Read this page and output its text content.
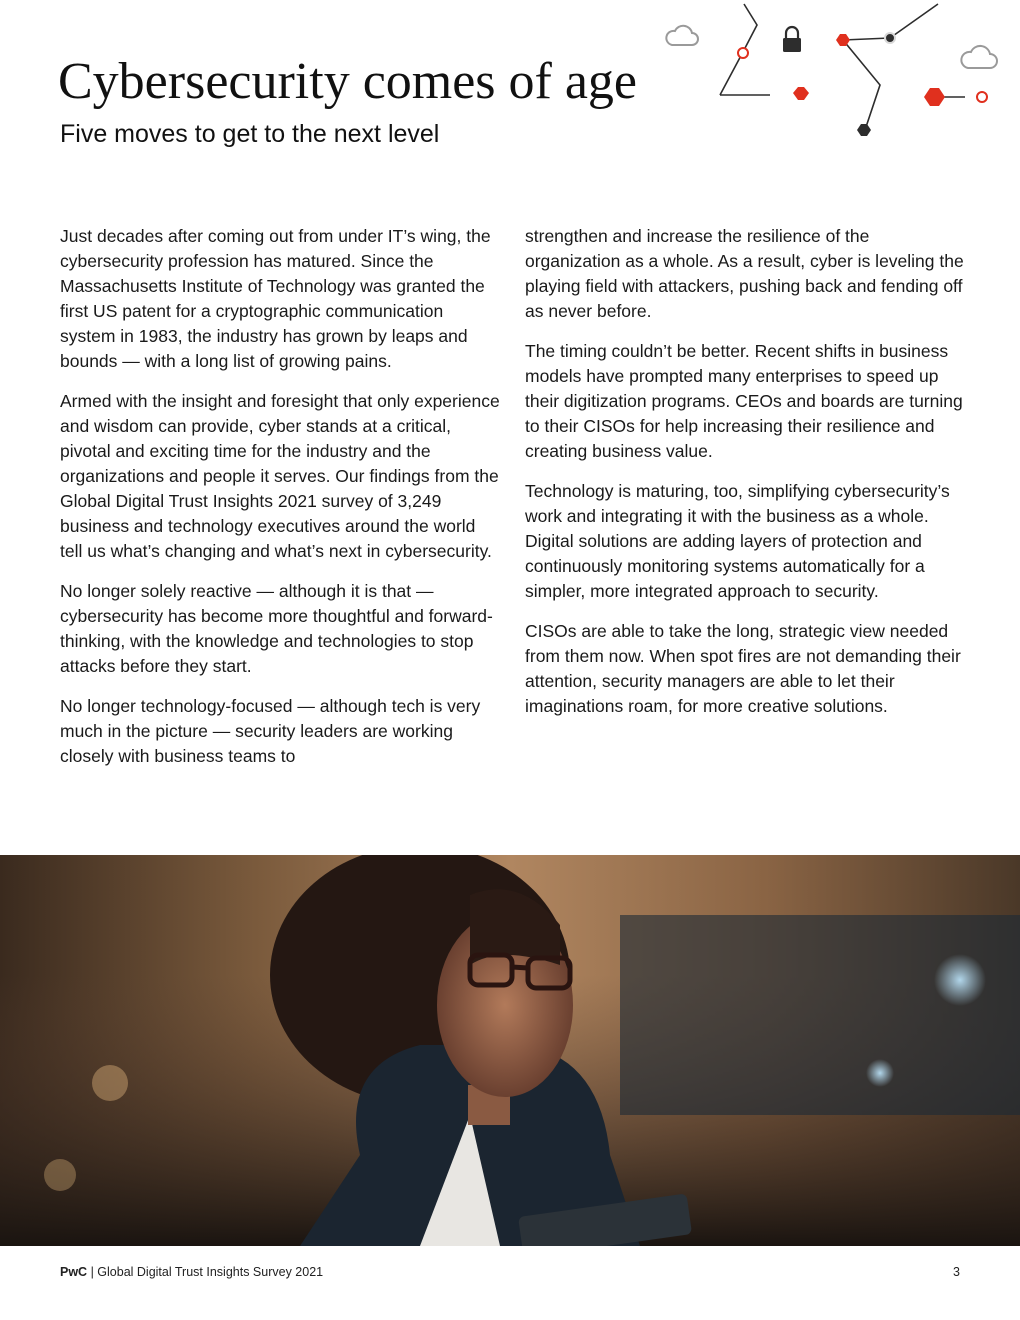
Cybersecurity comes of age
Five moves to get to the next level

Just decades after coming out from under IT’s wing, the cybersecurity profession has matured. Since the Massachusetts Institute of Technology was granted the first US patent for a cryptographic communication system in 1983, the industry has grown by leaps and bounds — with a long list of growing pains.

Armed with the insight and foresight that only experience and wisdom can provide, cyber stands at a critical, pivotal and exciting time for the industry and the organizations and people it serves. Our findings from the Global Digital Trust Insights 2021 survey of 3,249 business and technology executives around the world tell us what’s changing and what’s next in cybersecurity.

No longer solely reactive — although it is that — cybersecurity has become more thoughtful and forward-thinking, with the knowledge and technologies to stop attacks before they start.

No longer technology-focused — although tech is very much in the picture — security leaders are working closely with business teams to

strengthen and increase the resilience of the organization as a whole. As a result, cyber is leveling the playing field with attackers, pushing back and fending off as never before.

The timing couldn’t be better. Recent shifts in business models have prompted many enterprises to speed up their digitization programs. CEOs and boards are turning to their CISOs for help increasing their resilience and creating business value.

Technology is maturing, too, simplifying cybersecurity’s work and integrating it with the business as a whole. Digital solutions are adding layers of protection and continuously monitoring systems automatically for a simpler, more integrated approach to security.

CISOs are able to take the long, strategic view needed from them now. When spot fires are not demanding their attention, security managers are able to let their imaginations roam, for more creative solutions.

PwC | Global Digital Trust Insights Survey 2021	3
